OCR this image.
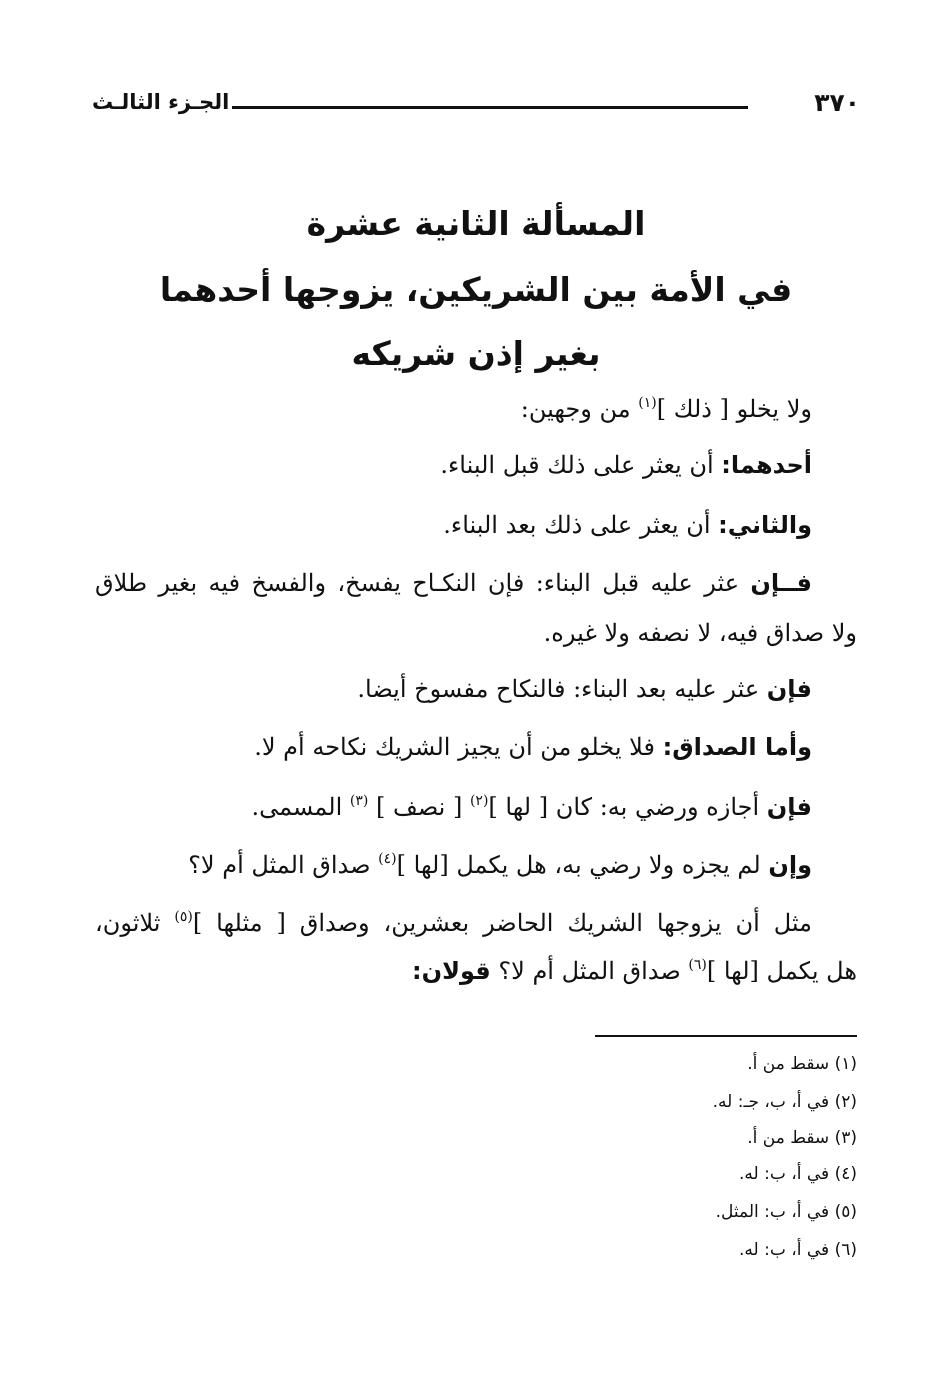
الجـزء الثالـث	٣٧٠
المسألة الثانية عشرة
في الأمة بين الشريكين، يزوجها أحدهما
بغير إذن شريكه
ولا يخلو [ ذلك ]$^{(١)}$ من وجهين:
أحدهما: أن يعثر على ذلك قبل البناء.
والثاني: أن يعثر على ذلك بعد البناء.
فــإن عثر عليه قبل البناء: فإن النكـاح يفسخ، والفسخ فيه بغير طلاق
ولا صداق فيه، لا نصفه ولا غيره.
فإن عثر عليه بعد البناء: فالنكاح مفسوخ أيضا.
وأما الصداق: فلا يخلو من أن يجيز الشريك نكاحه أم لا.
فإن أجازه ورضي به: كان [ لها ]$^{(٢)}$ [ نصف ] $^{(٣)}$ المسمى.
وإن لم يجزه ولا رضي به، هل يكمل [لها ]$^{(٤)}$ صداق المثل أم لا؟
مثل أن يزوجها الشريك الحاضر بعشرين، وصداق [ مثلها ]$^{(٥)}$ ثلاثون،
هل يكمل [لها ]$^{(٦)}$ صداق المثل أم لا؟ قولان:
(١) سقط من أ.
(٢) في أ، ب، جـ: له.
(٣) سقط من أ.
(٤) في أ، ب: له.
(٥) في أ، ب: المثل.
(٦) في أ، ب: له.
